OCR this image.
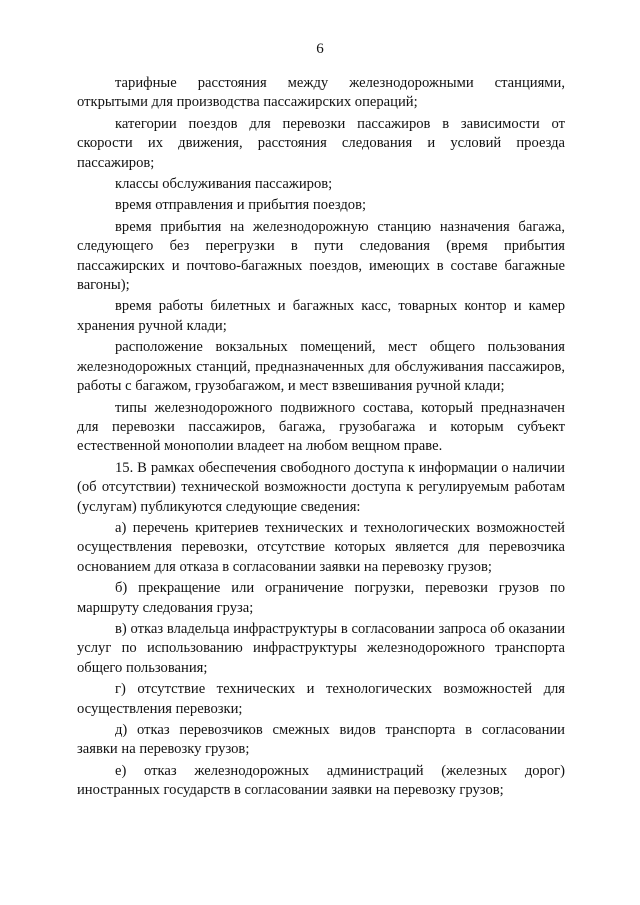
6

тарифные расстояния между железнодорожными станциями, открытыми для производства пассажирских операций;

категории поездов для перевозки пассажиров в зависимости от скорости их движения, расстояния следования и условий проезда пассажиров;

классы обслуживания пассажиров;

время отправления и прибытия поездов;

время прибытия на железнодорожную станцию назначения багажа, следующего без перегрузки в пути следования (время прибытия пассажирских и почтово-багажных поездов, имеющих в составе багажные вагоны);

время работы билетных и багажных касс, товарных контор и камер хранения ручной клади;

расположение вокзальных помещений, мест общего пользования железнодорожных станций, предназначенных для обслуживания пассажиров, работы с багажом, грузобагажом, и мест взвешивания ручной клади;

типы железнодорожного подвижного состава, который предназначен для перевозки пассажиров, багажа, грузобагажа и которым субъект естественной монополии владеет на любом вещном праве.

15. В рамках обеспечения свободного доступа к информации о наличии (об отсутствии) технической возможности доступа к регулируемым работам (услугам) публикуются следующие сведения:

а) перечень критериев технических и технологических возможностей осуществления перевозки, отсутствие которых является для перевозчика основанием для отказа в согласовании заявки на перевозку грузов;

б) прекращение или ограничение погрузки, перевозки грузов по маршруту следования груза;

в) отказ владельца инфраструктуры в согласовании запроса об оказании услуг по использованию инфраструктуры железнодорожного транспорта общего пользования;

г) отсутствие технических и технологических возможностей для осуществления перевозки;

д) отказ перевозчиков смежных видов транспорта в согласовании заявки на перевозку грузов;

е) отказ железнодорожных администраций (железных дорог) иностранных государств в согласовании заявки на перевозку грузов;
